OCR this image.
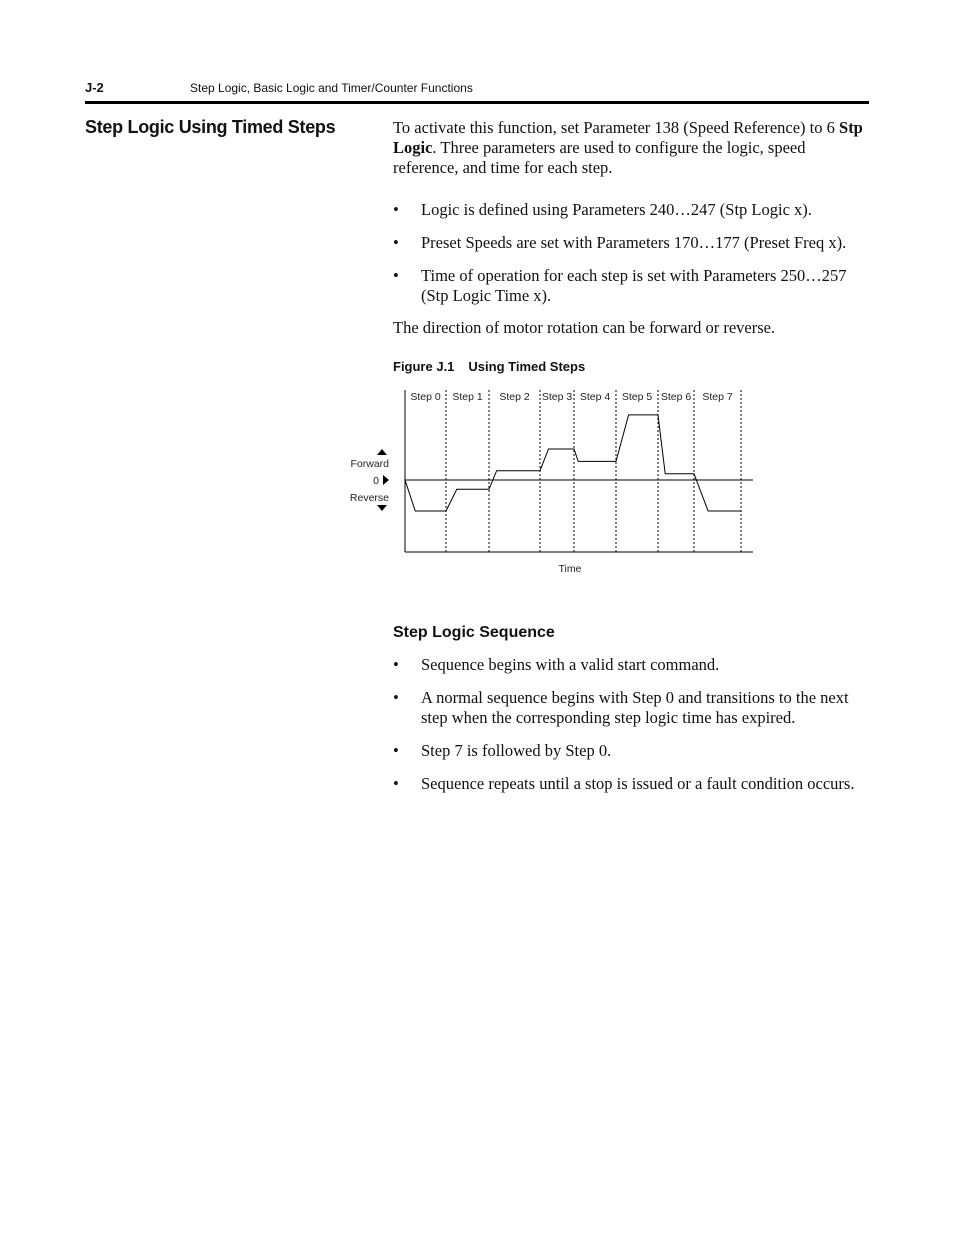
J-2	Step Logic, Basic Logic and Timer/Counter Functions
Step Logic Using Timed Steps	To activate this function, set Parameter 138 (Speed Reference) to 6 Stp Logic. Three parameters are used to configure the logic, speed reference, and time for each step.

• Logic is defined using Parameters 240…247 (Stp Logic x).
• Preset Speeds are set with Parameters 170…177 (Preset Freq x).
• Time of operation for each step is set with Parameters 250…257 (Stp Logic Time x).

The direction of motor rotation can be forward or reverse.

Figure J.1 Using Timed Steps
Step 0 Step 1 Step 2 Step 3 Step 4 Step 5 Step 6 Step 7
Forward
0
Reverse
Time
Step Logic Sequence
• Sequence begins with a valid start command.
• A normal sequence begins with Step 0 and transitions to the next step when the corresponding step logic time has expired.
• Step 7 is followed by Step 0.
• Sequence repeats until a stop is issued or a fault condition occurs.
